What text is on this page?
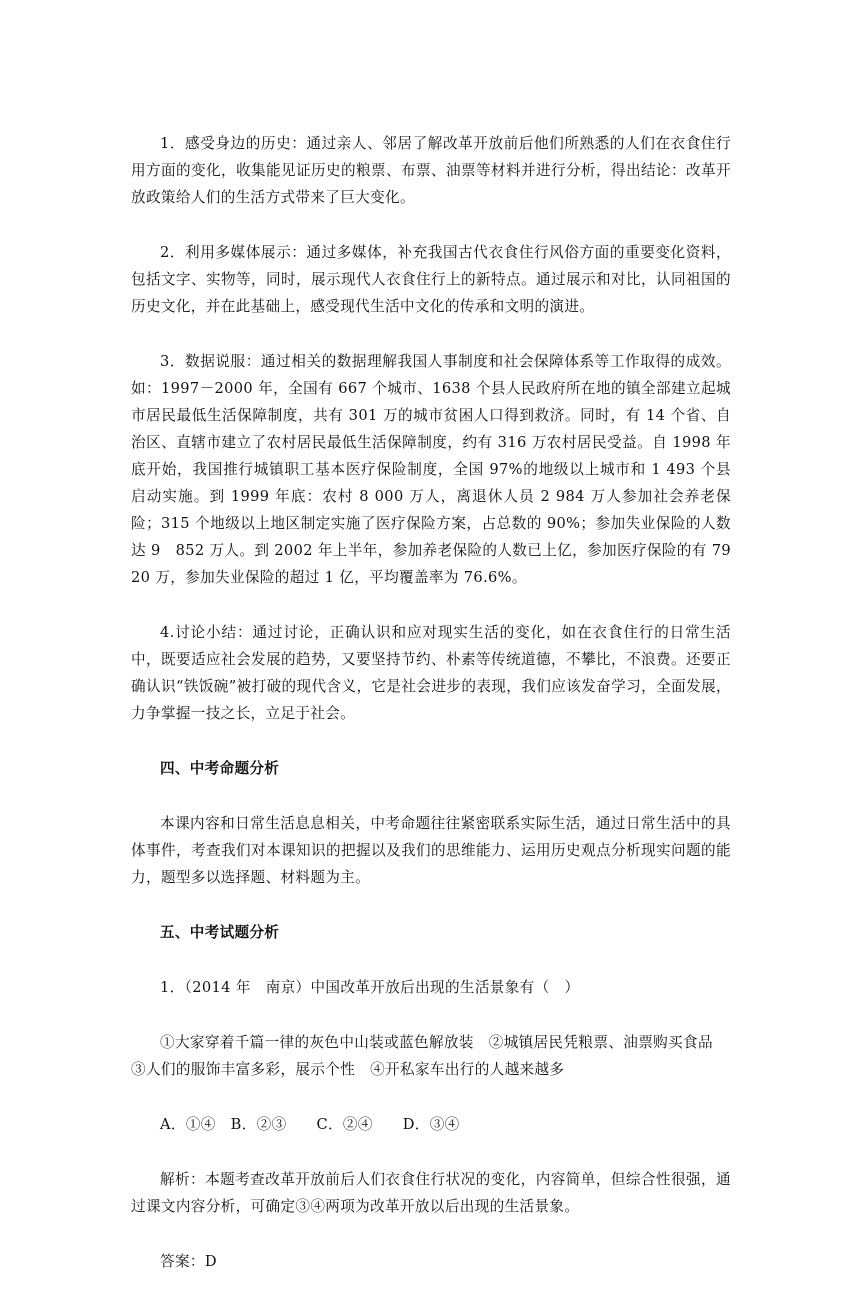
1．感受身边的历史：通过亲人、邻居了解改革开放前后他们所熟悉的人们在衣食住行用方面的变化，收集能见证历史的粮票、布票、油票等材料并进行分析，得出结论：改革开放政策给人们的生活方式带来了巨大变化。

2．利用多媒体展示：通过多媒体，补充我国古代衣食住行风俗方面的重要变化资料，包括文字、实物等，同时，展示现代人衣食住行上的新特点。通过展示和对比，认同祖国的历史文化，并在此基础上，感受现代生活中文化的传承和文明的演进。

3．数据说服：通过相关的数据理解我国人事制度和社会保障体系等工作取得的成效。如：1997－2000 年，全国有 667 个城市、1638 个县人民政府所在地的镇全部建立起城市居民最低生活保障制度，共有 301 万的城市贫困人口得到救济。同时，有 14 个省、自治区、直辖市建立了农村居民最低生活保障制度，约有 316 万农村居民受益。自 1998 年底开始，我国推行城镇职工基本医疗保险制度，全国 97%的地级以上城市和 1 493 个县启动实施。到 1999 年底：农村 8 000 万人，离退休人员 2 984 万人参加社会养老保险；315 个地级以上地区制定实施了医疗保险方案，占总数的 90%；参加失业保险的人数达 9　852 万人。到 2002 年上半年，参加养老保险的人数已上亿，参加医疗保险的有 7920 万，参加失业保险的超过 1 亿，平均覆盖率为 76.6%。

4.讨论小结：通过讨论，正确认识和应对现实生活的变化，如在衣食住行的日常生活中，既要适应社会发展的趋势，又要坚持节约、朴素等传统道德，不攀比，不浪费。还要正确认识“铁饭碗”被打破的现代含义，它是社会进步的表现，我们应该发奋学习，全面发展，力争掌握一技之长，立足于社会。

四、中考命题分析

本课内容和日常生活息息相关，中考命题往往紧密联系实际生活，通过日常生活中的具体事件，考查我们对本课知识的把握以及我们的思维能力、运用历史观点分析现实问题的能力，题型多以选择题、材料题为主。

五、中考试题分析

1．（2014 年　南京）中国改革开放后出现的生活景象有（　）

①大家穿着千篇一律的灰色中山装或蓝色解放装　②城镇居民凭粮票、油票购买食品
③人们的服饰丰富多彩，展示个性　④开私家车出行的人越来越多

A．①④　B．②③　　C．②④　　D．③④

解析：本题考查改革开放前后人们衣食住行状况的变化，内容简单，但综合性很强，通过课文内容分析，可确定③④两项为改革开放以后出现的生活景象。

答案：D
